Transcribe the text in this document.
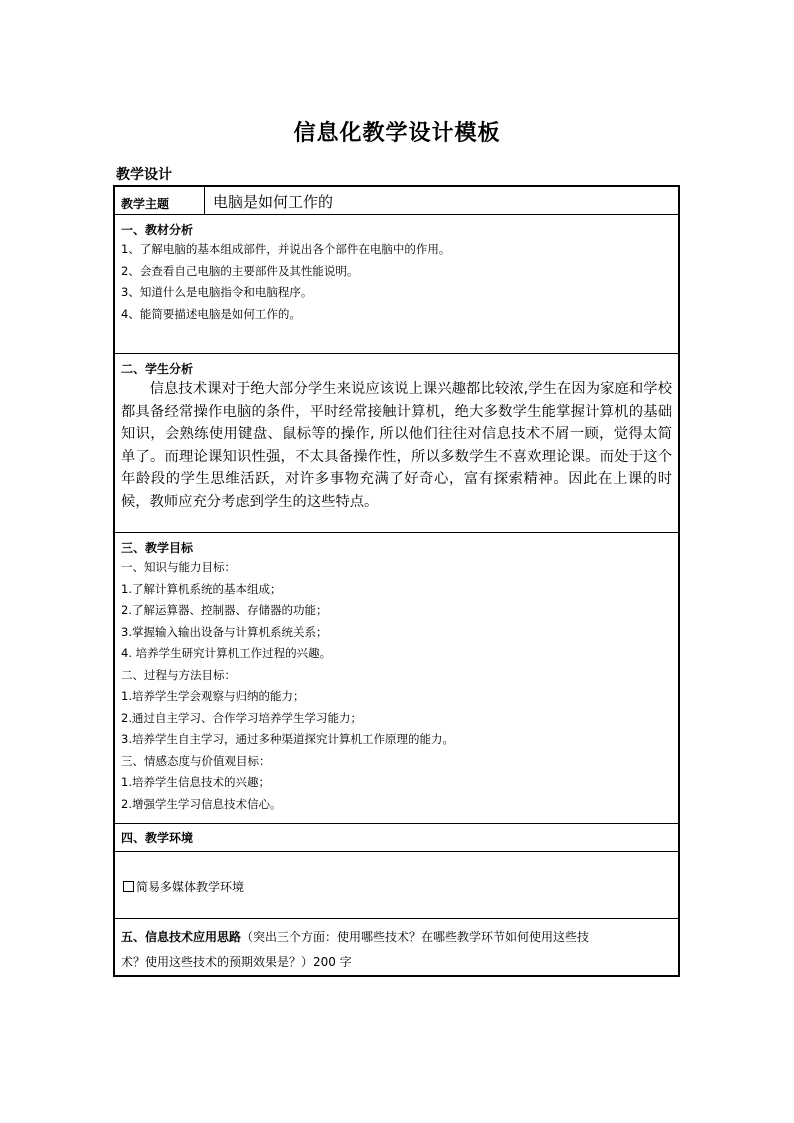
信息化教学设计模板
教学设计
教学主题	电脑是如何工作的
一、教材分析
1、了解电脑的基本组成部件，并说出各个部件在电脑中的作用。
2、会查看自己电脑的主要部件及其性能说明。
3、知道什么是电脑指令和电脑程序。
4、能简要描述电脑是如何工作的。
二、学生分析
信息技术课对于绝大部分学生来说应该说上课兴趣都比较浓,学生在因为家庭和学校都具备经常操作电脑的条件，平时经常接触计算机，绝大多数学生能掌握计算机的基础知识，会熟练使用键盘、鼠标等的操作, 所以他们往往对信息技术不屑一顾，觉得太简单了。而理论课知识性强，不太具备操作性，所以多数学生不喜欢理论课。而处于这个年龄段的学生思维活跃，对许多事物充满了好奇心，富有探索精神。因此在上课的时候，教师应充分考虑到学生的这些特点。
三、教学目标
一、知识与能力目标：
1.了解计算机系统的基本组成；
2.了解运算器、控制器、存储器的功能；
3.掌握输入输出设备与计算机系统关系；
4. 培养学生研究计算机工作过程的兴趣。
二、过程与方法目标：
1.培养学生学会观察与归纳的能力；
2.通过自主学习、合作学习培养学生学习能力；
3.培养学生自主学习，通过多种渠道探究计算机工作原理的能力。
三、情感态度与价值观目标：
1.培养学生信息技术的兴趣；
2.增强学生学习信息技术信心。
四、教学环境
简易多媒体教学环境
五、信息技术应用思路（突出三个方面：使用哪些技术？在哪些教学环节如何使用这些技
术？使用这些技术的预期效果是？）200 字
